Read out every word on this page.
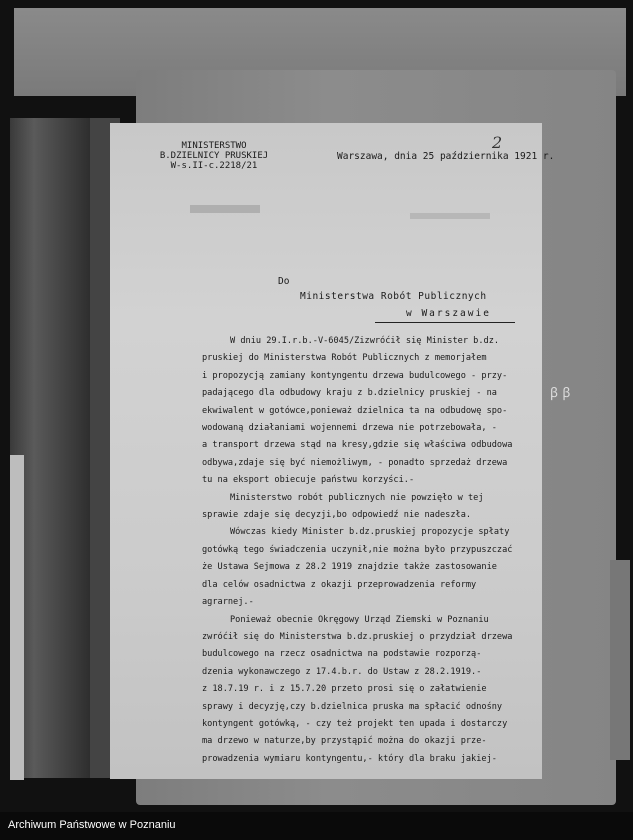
MINISTERSTWO
B.DZIELNICY PRUSKIEJ
W-s.II-c.2218/21
Warszawa, dnia 25 października 1921 r.
2
Do
Ministerstwa Robót Publicznych
w Warszawie
W dniu 29.I.r.b.-V-6045/Zizwróćił się Minister b.dz.
pruskiej do Ministerstwa Robót Publicznych z memorjałem
i propozycją zamiany kontyngentu drzewa budulcowego - przy-
padającego dla odbudowy kraju z b.dzielnicy pruskiej - na
ekwiwalent w gotówce,ponieważ dzielnica ta na odbudowę spo-
wodowaną działaniami wojennemi drzewa nie potrzebowała, -
a transport drzewa stąd na kresy,gdzie się właściwa odbudowa
odbywa,zdaje się być niemożliwym, - ponadto sprzedaż drzewa
tu na eksport obiecuje państwu korzyści.-
Ministerstwo robót publicznych nie powzięło w tej
sprawie zdaje się decyzji,bo odpowiedź nie nadeszła.
Wówczas kiedy Minister b.dz.pruskiej propozycje spłaty
gotówką tego świadczenia uczynił,nie można było przypuszczać
że Ustawa Sejmowa z 28.2 1919 znajdzie także zastosowanie
dla celów osadnictwa z okazji przeprowadzenia reformy
agrarnej.-
Ponieważ obecnie Okręgowy Urząd Ziemski w Poznaniu
zwróćił się do Ministerstwa b.dz.pruskiej o przydział drzewa
budulcowego na rzecz osadnictwa na podstawie rozporzą-
dzenia wykonawczego z 17.4.b.r. do Ustaw z 28.2.1919.-
z 18.7.19 r. i z 15.7.20 przeto prosi się o załatwienie
sprawy i decyzję,czy b.dzielnica pruska ma spłacić odnośny
kontyngent gotówką, - czy też projekt ten upada i dostarczy
ma drzewo w naturze,by przystąpić można do okazji prze-
prowadzenia wymiaru kontyngentu,- który dla braku jakiej-
ꞵ ꞵ
Archiwum Państwowe w Poznaniu
